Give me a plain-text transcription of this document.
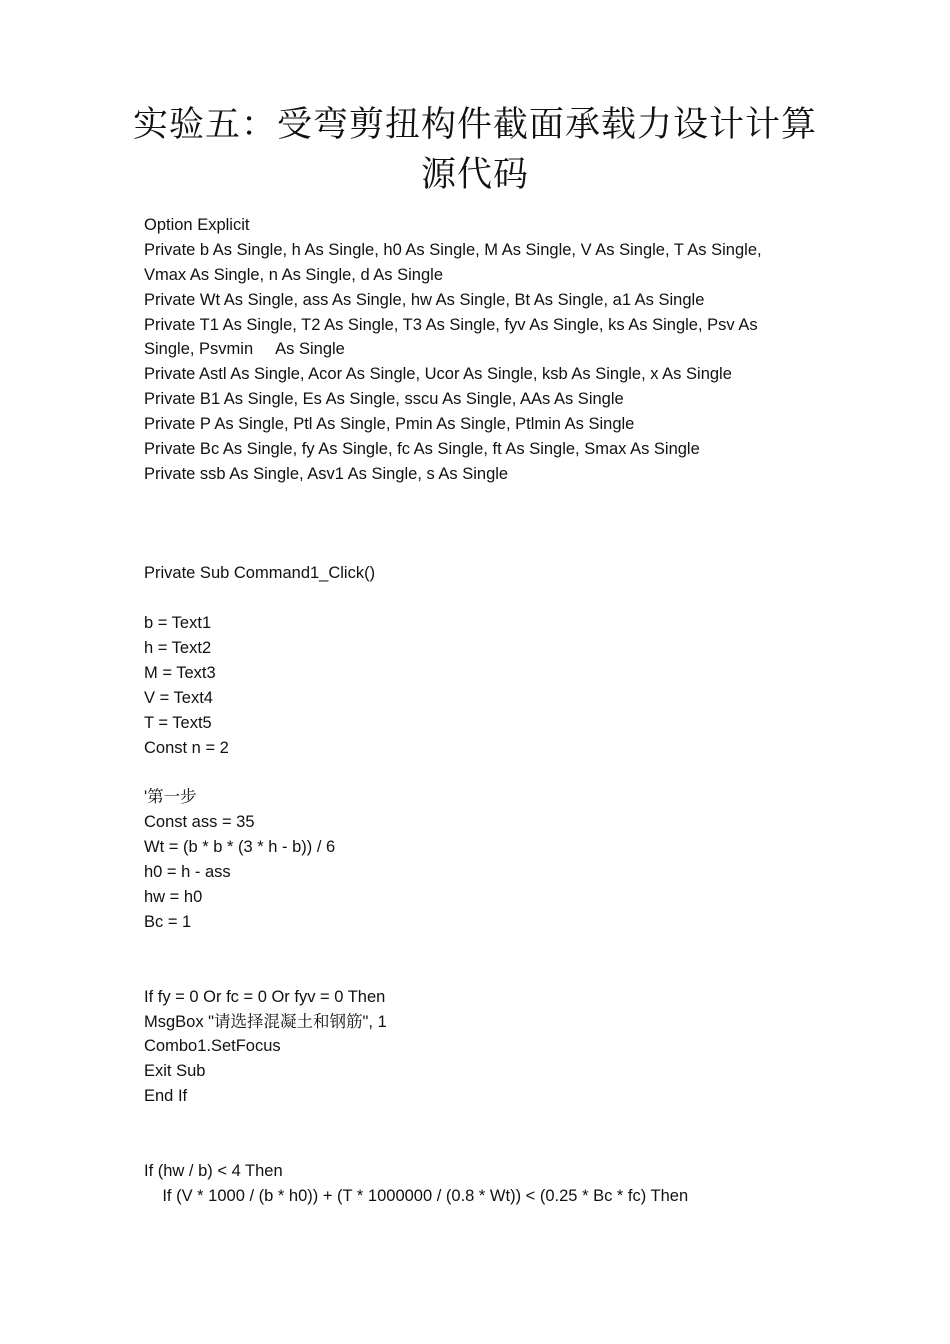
实验五：受弯剪扭构件截面承载力设计计算
源代码
Option Explicit
Private b As Single, h As Single, h0 As Single, M As Single, V As Single, T As Single,
Vmax As Single, n As Single, d As Single
Private Wt As Single, ass As Single, hw As Single, Bt As Single, a1 As Single
Private T1 As Single, T2 As Single, T3 As Single, fyv As Single, ks As Single, Psv As
Single, Psvmin     As Single
Private Astl As Single, Acor As Single, Ucor As Single, ksb As Single, x As Single
Private B1 As Single, Es As Single, sscu As Single, AAs As Single
Private P As Single, Ptl As Single, Pmin As Single, Ptlmin As Single
Private Bc As Single, fy As Single, fc As Single, ft As Single, Smax As Single
Private ssb As Single, Asv1 As Single, s As Single
Private Sub Command1_Click()
b = Text1
h = Text2
M = Text3
V = Text4
T = Text5
Const n = 2
'第一步
Const ass = 35
Wt = (b * b * (3 * h - b)) / 6
h0 = h - ass
hw = h0
Bc = 1
If fy = 0 Or fc = 0 Or fyv = 0 Then
MsgBox "请选择混凝土和钢筋", 1
Combo1.SetFocus
Exit Sub
End If
If (hw / b) < 4 Then
If (V * 1000 / (b * h0)) + (T * 1000000 / (0.8 * Wt)) < (0.25 * Bc * fc) Then
